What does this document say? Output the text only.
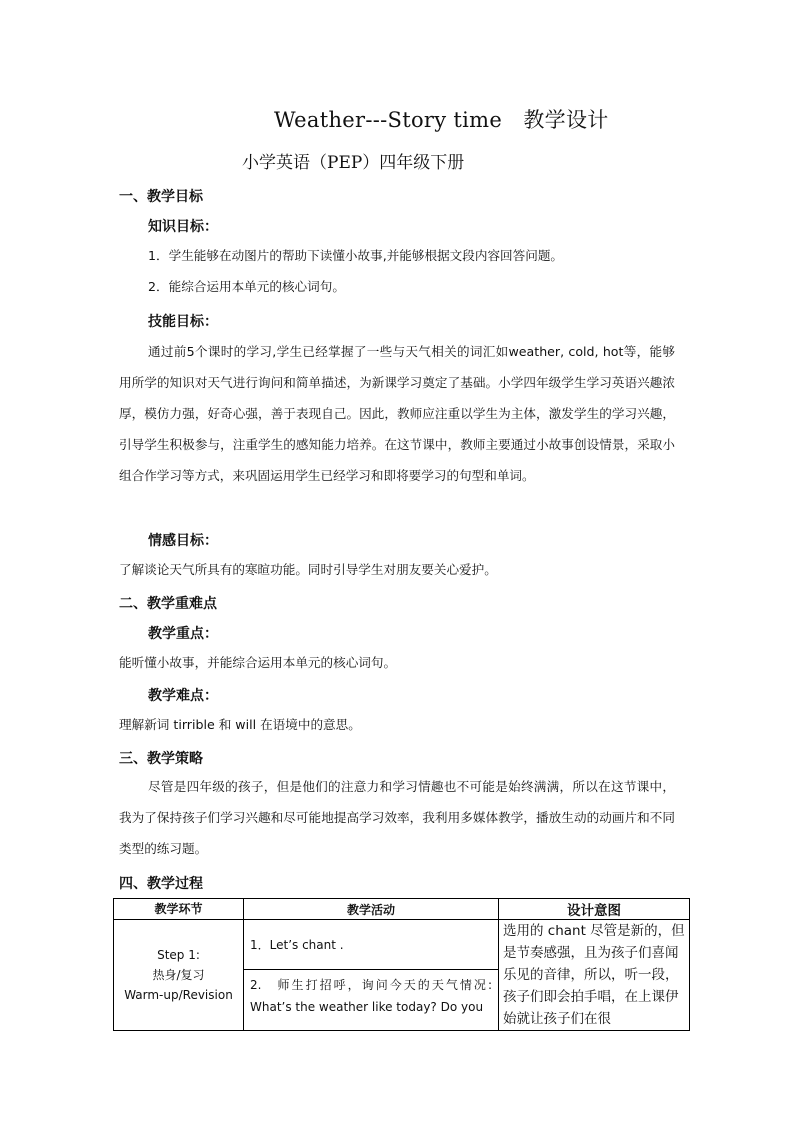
Weather---Story time　教学设计
小学英语（PEP）四年级下册
一、教学目标
知识目标：
1．学生能够在动图片的帮助下读懂小故事,并能够根据文段内容回答问题。
2．能综合运用本单元的核心词句。
技能目标：
通过前5个课时的学习,学生已经掌握了一些与天气相关的词汇如weather, cold, hot等，能够用所学的知识对天气进行询问和简单描述，为新课学习奠定了基础。小学四年级学生学习英语兴趣浓厚，模仿力强，好奇心强，善于表现自己。因此，教师应注重以学生为主体，激发学生的学习兴趣，引导学生积极参与，注重学生的感知能力培养。在这节课中，教师主要通过小故事创设情景，采取小组合作学习等方式，来巩固运用学生已经学习和即将要学习的句型和单词。
情感目标：
了解谈论天气所具有的寒暄功能。同时引导学生对朋友要关心爱护。
二、教学重难点
教学重点：
能听懂小故事，并能综合运用本单元的核心词句。
教学难点：
理解新词 tirrible 和 will 在语境中的意思。
三、教学策略
尽管是四年级的孩子，但是他们的注意力和学习情趣也不可能是始终满满，所以在这节课中，我为了保持孩子们学习兴趣和尽可能地提高学习效率，我利用多媒体教学，播放生动的动画片和不同类型的练习题。
四、教学过程
教学环节	教学活动	设计意图

Step 1:
热身/复习
Warm-up/Revision	1．Let’s chant .	选用的 chant 尽管是新的，但是节奏感强，且为孩子们喜闻乐见的音律，所以，听一段，孩子们即会拍手唱，在上课伊始就让孩子们在很

	2.　师生打招呼，询问今天的天气情况: What’s the weather like today? Do you	
